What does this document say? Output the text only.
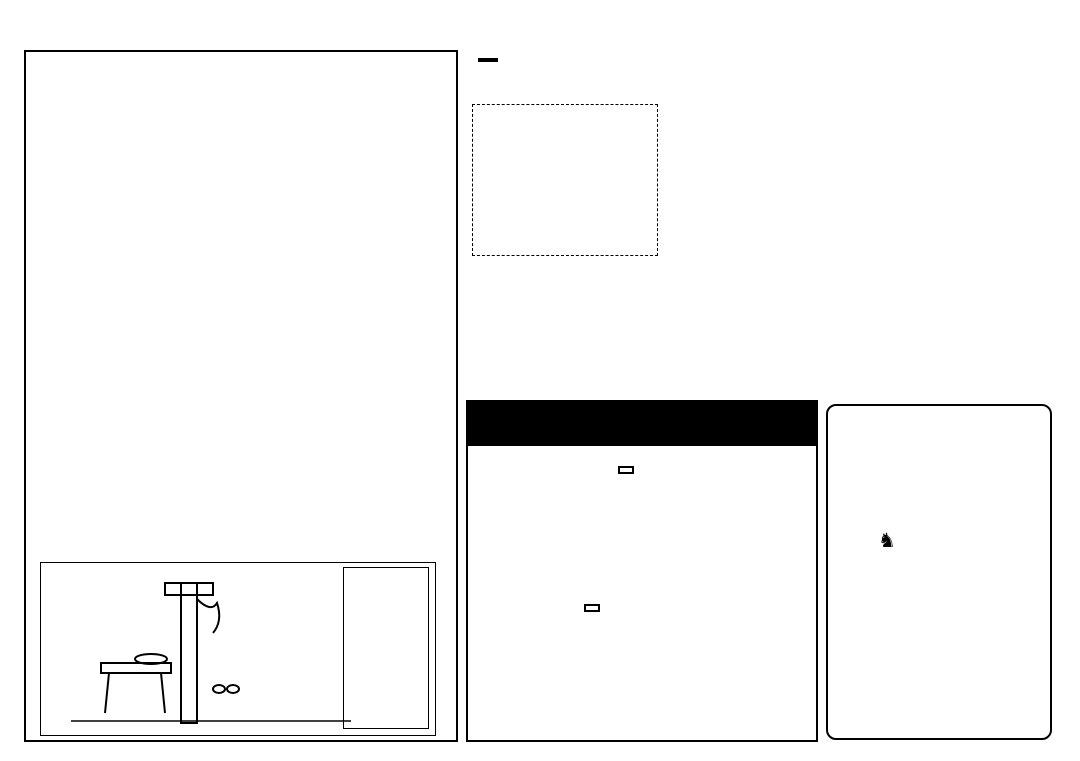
♞
